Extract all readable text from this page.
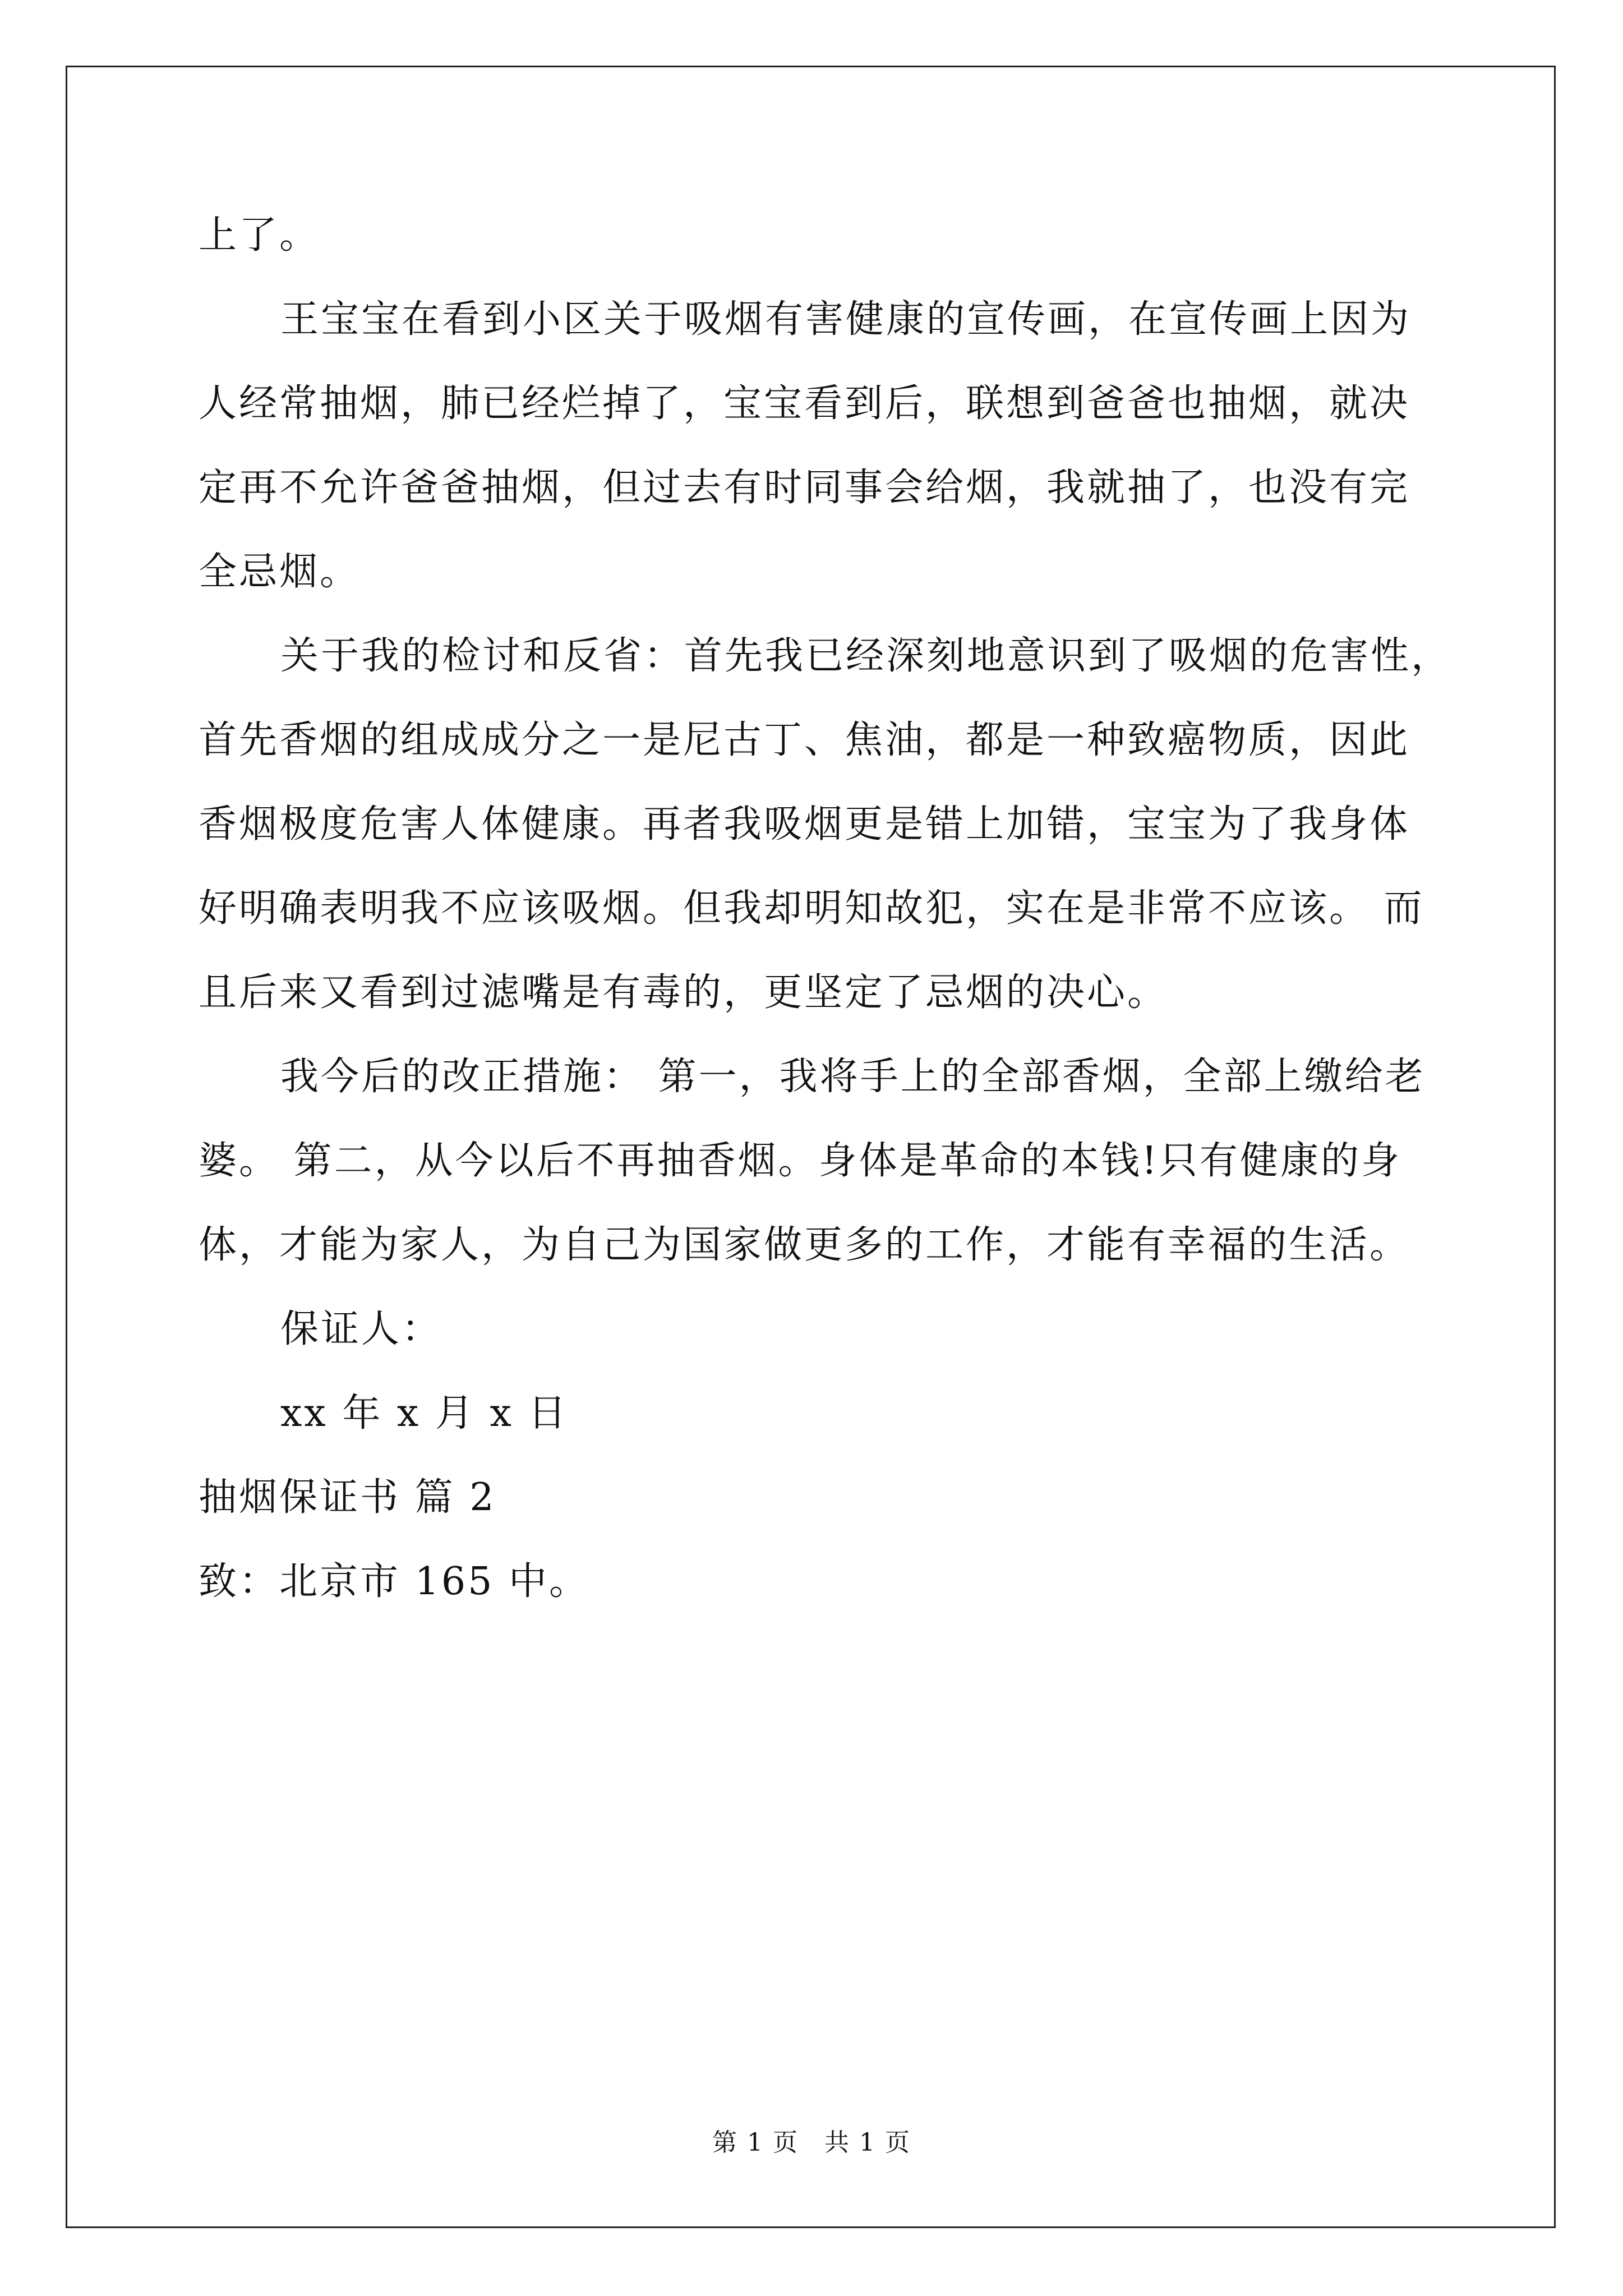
上了。
王宝宝在看到小区关于吸烟有害健康的宣传画，在宣传画上因为
人经常抽烟，肺已经烂掉了，宝宝看到后，联想到爸爸也抽烟，就决
定再不允许爸爸抽烟，但过去有时同事会给烟，我就抽了，也没有完
全忌烟。
关于我的检讨和反省：首先我已经深刻地意识到了吸烟的危害性，
首先香烟的组成成分之一是尼古丁、焦油，都是一种致癌物质，因此
香烟极度危害人体健康。再者我吸烟更是错上加错，宝宝为了我身体
好明确表明我不应该吸烟。但我却明知故犯，实在是非常不应该。 而
且后来又看到过滤嘴是有毒的，更坚定了忌烟的决心。
我今后的改正措施： 第一，我将手上的全部香烟，全部上缴给老
婆。 第二，从今以后不再抽香烟。身体是革命的本钱!只有健康的身
体，才能为家人，为自己为国家做更多的工作，才能有幸福的生活。
保证人：
xx 年 x 月 x 日
抽烟保证书 篇 2
致：北京市 165 中。
第 1 页　共 1 页
